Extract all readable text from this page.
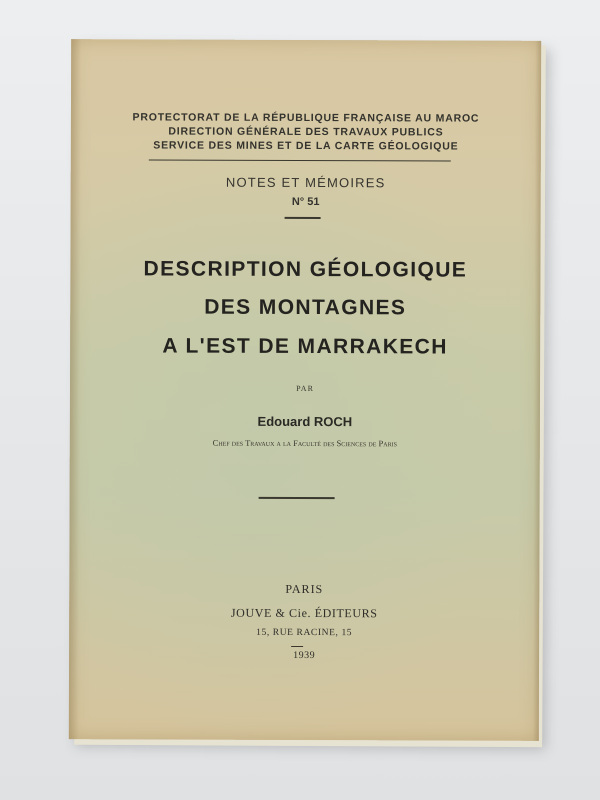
PROTECTORAT DE LA RÉPUBLIQUE FRANÇAISE AU MAROC
DIRECTION GÉNÉRALE DES TRAVAUX PUBLICS
SERVICE DES MINES ET DE LA CARTE GÉOLOGIQUE
NOTES ET MÉMOIRES
N° 51
DESCRIPTION GÉOLOGIQUE
DES MONTAGNES
A L'EST DE MARRAKECH
PAR
Edouard ROCH
Chef des Travaux a la Faculté des Sciences de Paris
PARIS
JOUVE & Cie. ÉDITEURS
15, RUE RACINE, 15
1939
